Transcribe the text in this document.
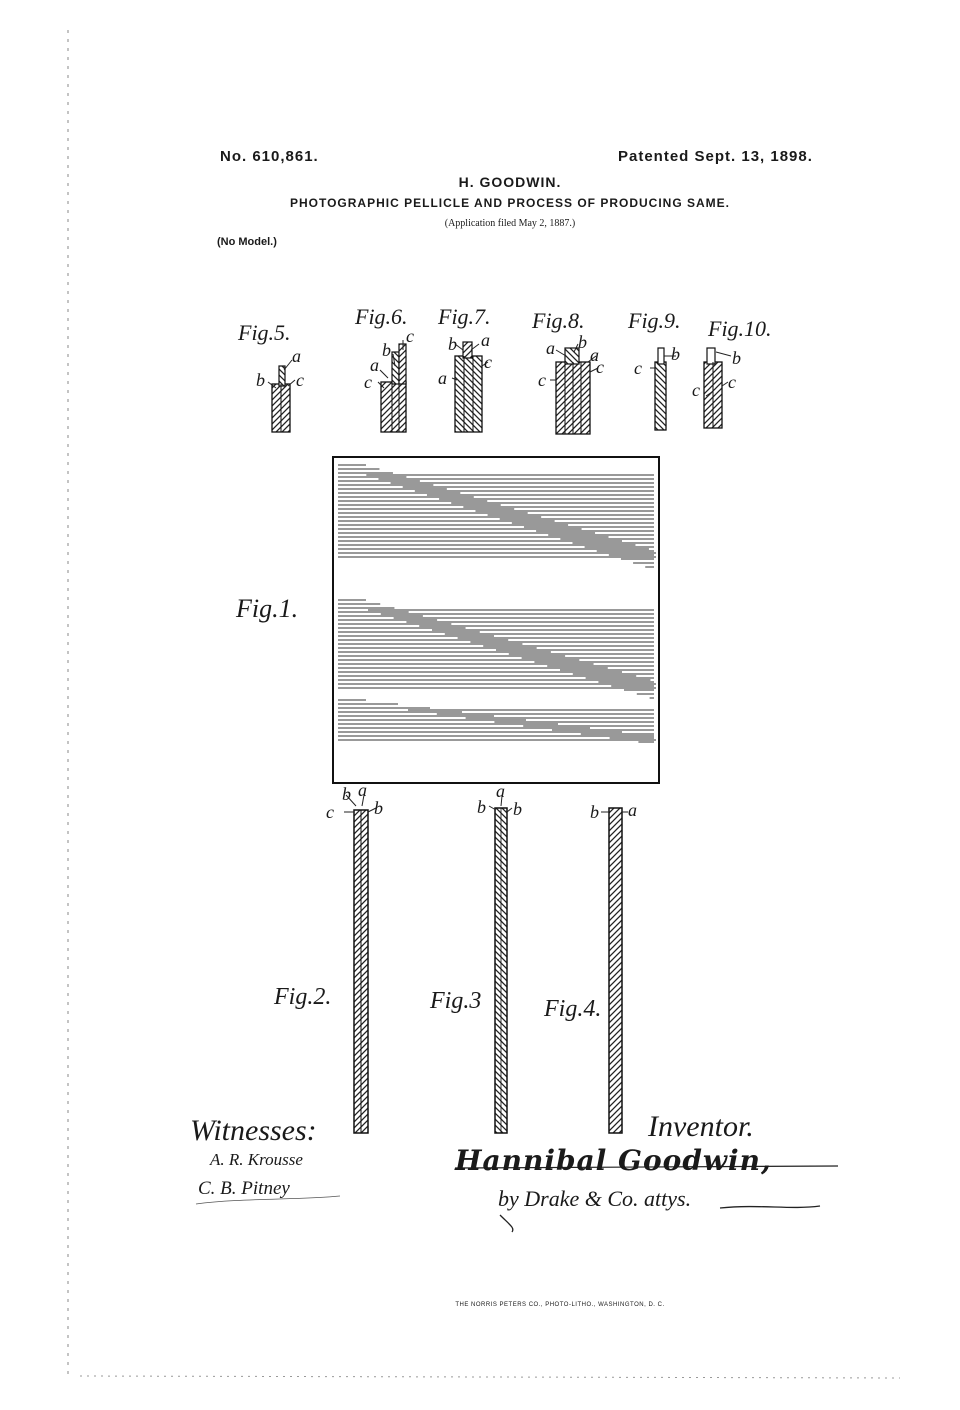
No. 610,861.	Patented Sept. 13, 1898.
H. GOODWIN.
PHOTOGRAPHIC PELLICLE AND PROCESS OF PRODUCING SAME.
(Application filed May 2, 1887.)
(No Model.)
Fig.5.
Fig.6. Fig.7. Fig.8. Fig.9. Fig.10.
Fig.1.
Fig.2.	Fig.3	Fig.4.
a
b c
b
c
a
c
b a
c
a
a b
a
c
c
b
c	b
c c
b a
b
c	b
a
b	b a
Witnesses:
A. R. Krousse
C. B. Pitney
Inventor.
Hannibal Goodwin,
by Drake & Co. attys.
THE NORRIS PETERS CO., PHOTO-LITHO., WASHINGTON, D. C.
